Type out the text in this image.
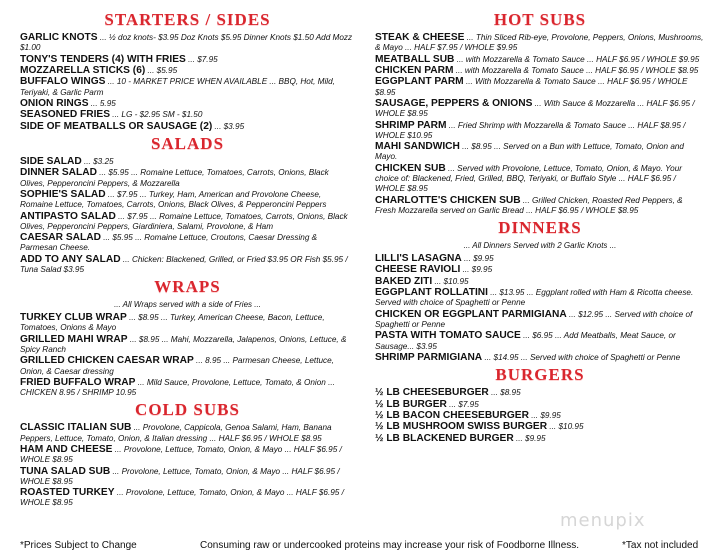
STARTERS / SIDES
GARLIC KNOTS ... ½ doz knots- $3.95 Doz Knots $5.95 Dinner Knots $1.50 Add Mozz $1.00
TONY'S TENDERS (4) WITH FRIES ... $7.95
MOZZARELLA STICKS (6) ... $5.95
BUFFALO WINGS ... 10 - MARKET PRICE WHEN AVAILABLE ... BBQ, Hot, Mild, Teriyaki, & Garlic Parm
ONION RINGS ... 5.95
SEASONED FRIES ... LG - $2.95 SM - $1.50
SIDE OF MEATBALLS OR SAUSAGE (2) ... $3.95
SALADS
SIDE SALAD ... $3.25
DINNER SALAD ... $5.95 ... Romaine Lettuce, Tomatoes, Carrots, Onions, Black Olives, Pepperoncini Peppers, & Mozzarella
SOPHIE'S SALAD ... $7.95 ... Turkey, Ham, American and Provolone Cheese, Romaine Lettuce, Tomatoes, Carrots, Onions, Black Olives, & Pepperoncini Peppers
ANTIPASTO SALAD ... $7.95 ... Romaine Lettuce, Tomatoes, Carrots, Onions, Black Olives, Pepperoncini Peppers, Giardiniera, Salami, Provolone, & Ham
CAESAR SALAD ... $5.95 ... Romaine Lettuce, Croutons, Caesar Dressing & Parmesan Cheese.
ADD TO ANY SALAD ... Chicken: Blackened, Grilled, or Fried $3.95 OR Fish $5.95 / Tuna Salad $3.95
WRAPS
... All Wraps served with a side of Fries ...
TURKEY CLUB WRAP ... $8.95 ... Turkey, American Cheese, Bacon, Lettuce, Tomatoes, Onions & Mayo
GRILLED MAHI WRAP ... $8.95 ... Mahi, Mozzarella, Jalapenos, Onions, Lettuce, & Spicy Ranch
GRILLED CHICKEN CAESAR WRAP ... 8.95 ... Parmesan Cheese, Lettuce, Onion, & Caesar dressing
FRIED BUFFALO WRAP ... Mild Sauce, Provolone, Lettuce, Tomato, & Onion ... CHICKEN 8.95 / SHRIMP 10.95
COLD SUBS
CLASSIC ITALIAN SUB ... Provolone, Cappicola, Genoa Salami, Ham, Banana Peppers, Lettuce, Tomato, Onion, & Italian dressing ... HALF $6.95 / WHOLE $8.95
HAM AND CHEESE ... Provolone, Lettuce, Tomato, Onion, & Mayo ... HALF $6.95 / WHOLE $8.95
TUNA SALAD SUB ... Provolone, Lettuce, Tomato, Onion, & Mayo ... HALF $6.95 / WHOLE $8.95
ROASTED TURKEY ... Provolone, Lettuce, Tomato, Onion, & Mayo ... HALF $6.95 / WHOLE $8.95
HOT SUBS
STEAK & CHEESE ... Thin Sliced Rib-eye, Provolone, Peppers, Onions, Mushrooms, & Mayo ... HALF $7.95 / WHOLE $9.95
MEATBALL SUB ... with Mozzarella & Tomato Sauce ... HALF $6.95 / WHOLE $9.95
CHICKEN PARM ... with Mozzarella & Tomato Sauce ... HALF $6.95 / WHOLE $8.95
EGGPLANT PARM ... With Mozzarella & Tomato Sauce ... HALF $6.95 / WHOLE $8.95
SAUSAGE, PEPPERS & ONIONS ... With Sauce & Mozzarella ... HALF $6.95 / WHOLE $8.95
SHRIMP PARM ... Fried Shrimp with Mozzarella & Tomato Sauce ... HALF $8.95 / WHOLE $10.95
MAHI SANDWICH ... $8.95 ... Served on a Bun with Lettuce, Tomato, Onion and Mayo.
CHICKEN SUB ... Served with Provolone, Lettuce, Tomato, Onion, & Mayo. Your choice of: Blackened, Fried, Grilled, BBQ, Teriyaki, or Buffalo Style ... HALF $6.95 / WHOLE $8.95
CHARLOTTE'S CHICKEN SUB ... Grilled Chicken, Roasted Red Peppers, & Fresh Mozzarella served on Garlic Bread ... HALF $6.95 / WHOLE $8.95
DINNERS
... All Dinners Served with 2 Garlic Knots ...
LILLI'S LASAGNA ... $9.95
CHEESE RAVIOLI ... $9.95
BAKED ZITI ... $10.95
EGGPLANT ROLLATINI ... $13.95 ... Eggplant rolled with Ham & Ricotta cheese. Served with choice of Spaghetti or Penne
CHICKEN OR EGGPLANT PARMIGIANA ... $12.95 ... Served with choice of Spaghetti or Penne
PASTA WITH TOMATO SAUCE ... $6.95 ... Add Meatballs, Meat Sauce, or Sausage... $3.95
SHRIMP PARMIGIANA ... $14.95 ... Served with choice of Spaghetti or Penne
BURGERS
½ LB CHEESEBURGER ... $8.95
½ LB BURGER ... $7.95
½ LB BACON CHEESEBURGER ... $9.95
½ LB MUSHROOM SWISS BURGER ... $10.95
½ LB BLACKENED BURGER ... $9.95
menupix
*Prices Subject to Change	Consuming raw or undercooked proteins may increase your risk of Foodborne Illness.	*Tax not included
